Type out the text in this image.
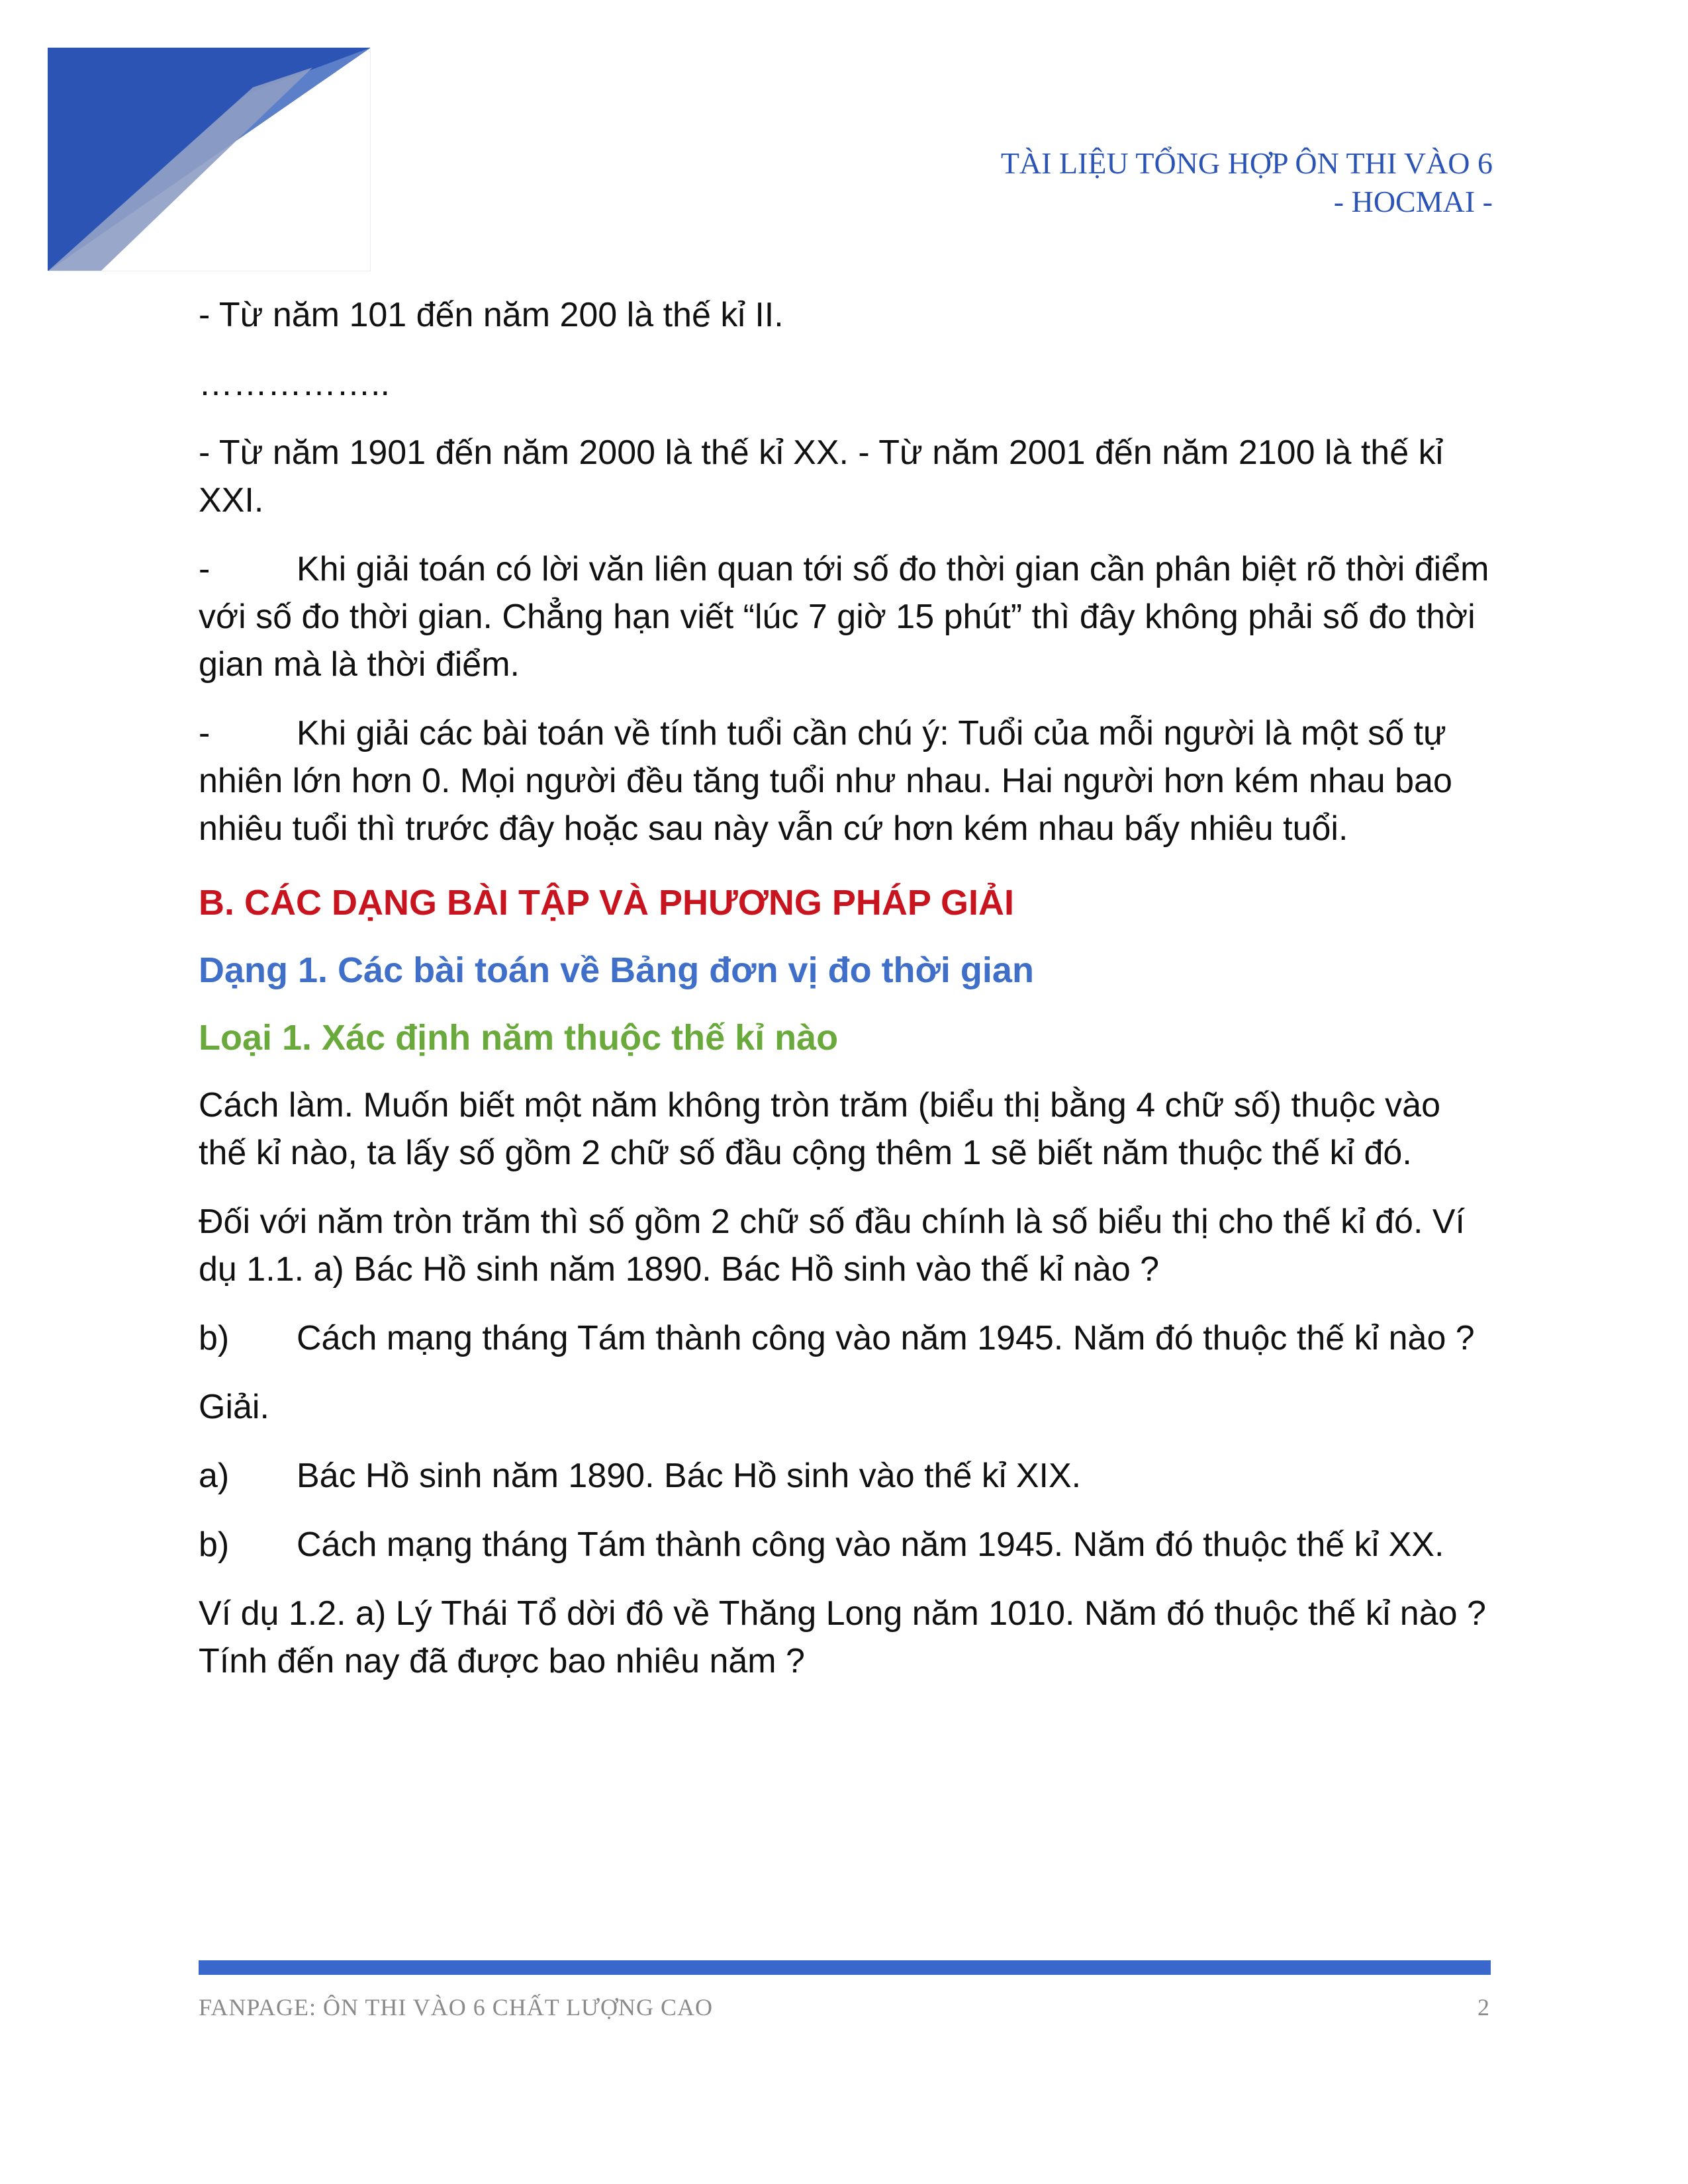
TÀI LIỆU TỔNG HỢP ÔN THI VÀO 6
- HOCMAI -

- Từ năm 101 đến năm 200 là thế kỉ II.

……………..

- Từ năm 1901 đến năm 2000 là thế kỉ XX. - Từ năm 2001 đến năm 2100 là thế kỉ XXI.

-	Khi giải toán có lời văn liên quan tới số đo thời gian cần phân biệt rõ thời điểm với số đo thời gian. Chẳng hạn viết “lúc 7 giờ 15 phút” thì đây không phải số đo thời gian mà là thời điểm.

-	Khi giải các bài toán về tính tuổi cần chú ý: Tuổi của mỗi người là một số tự nhiên lớn hơn 0. Mọi người đều tăng tuổi như nhau. Hai người hơn kém nhau bao nhiêu tuổi thì trước đây hoặc sau này vẫn cứ hơn kém nhau bấy nhiêu tuổi.

B. CÁC DẠNG BÀI TẬP VÀ PHƯƠNG PHÁP GIẢI
Dạng 1. Các bài toán về Bảng đơn vị đo thời gian
Loại 1. Xác định năm thuộc thế kỉ nào

Cách làm. Muốn biết một năm không tròn trăm (biểu thị bằng 4 chữ số) thuộc vào thế kỉ nào, ta lấy số gồm 2 chữ số đầu cộng thêm 1 sẽ biết năm thuộc thế kỉ đó.

Đối với năm tròn trăm thì số gồm 2 chữ số đầu chính là số biểu thị cho thế kỉ đó. Ví dụ 1.1. a) Bác Hồ sinh năm 1890. Bác Hồ sinh vào thế kỉ nào ?

b) Cách mạng tháng Tám thành công vào năm 1945. Năm đó thuộc thế kỉ nào ?

Giải.

a) Bác Hồ sinh năm 1890. Bác Hồ sinh vào thế kỉ XIX.

b) Cách mạng tháng Tám thành công vào năm 1945. Năm đó thuộc thế kỉ XX.

Ví dụ 1.2. a) Lý Thái Tổ dời đô về Thăng Long năm 1010. Năm đó thuộc thế kỉ nào ? Tính đến nay đã được bao nhiêu năm ?

FANPAGE: ÔN THI VÀO 6 CHẤT LƯỢNG CAO	2
